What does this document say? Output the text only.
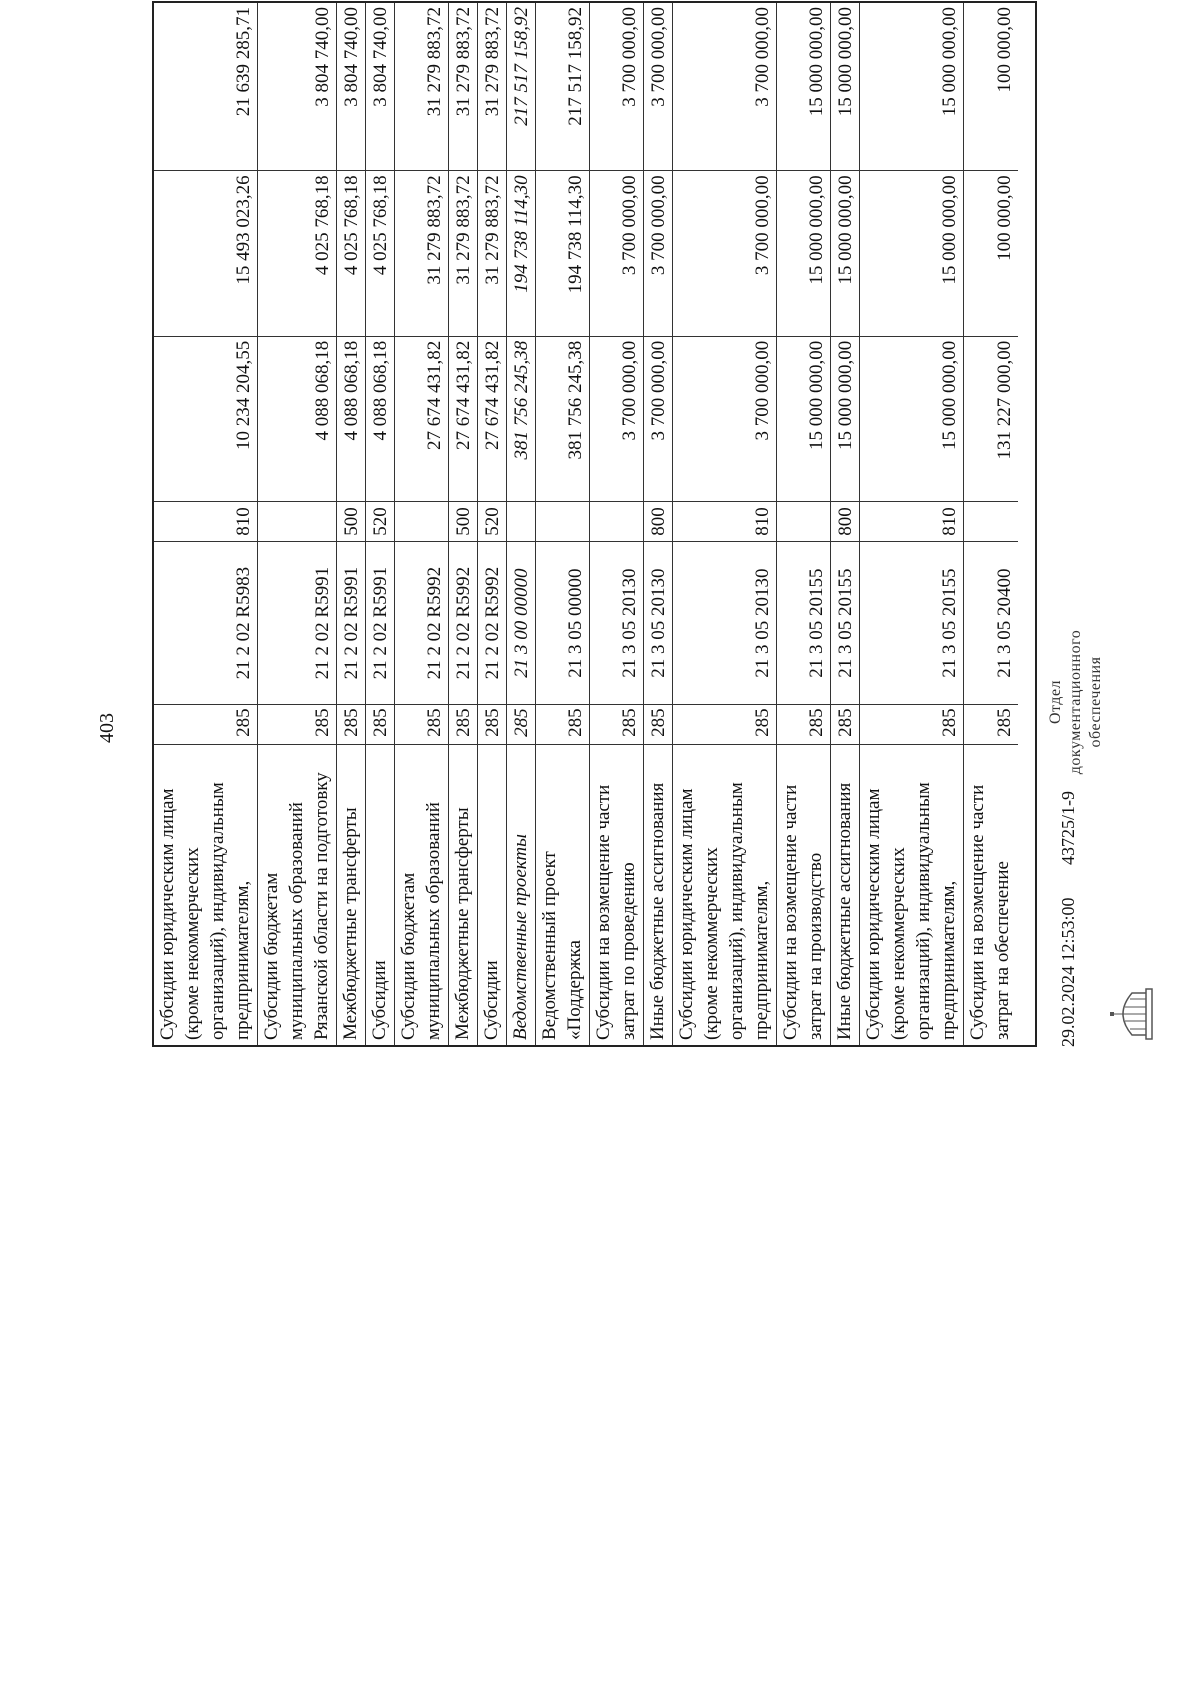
403
Субсидии юридическим лицам (кроме некоммерческих организаций), индивидуальным предпринимателям,
285
21 2 02 R5983
810
10 234 204,55
15 493 023,26
21 639 285,71
Субсидии бюджетам муниципальных образований Рязанской области на подготовку
285
21 2 02 R5991
4 088 068,18
4 025 768,18
3 804 740,00
Межбюджетные трансферты
285
21 2 02 R5991
500
4 088 068,18
4 025 768,18
3 804 740,00
Субсидии
285
21 2 02 R5991
520
4 088 068,18
4 025 768,18
3 804 740,00
Субсидии бюджетам муниципальных образований
285
21 2 02 R5992
27 674 431,82
31 279 883,72
31 279 883,72
Межбюджетные трансферты
285
21 2 02 R5992
500
27 674 431,82
31 279 883,72
31 279 883,72
Субсидии
285
21 2 02 R5992
520
27 674 431,82
31 279 883,72
31 279 883,72
Ведомственные проекты
285
21 3 00 00000
381 756 245,38
194 738 114,30
217 517 158,92
Ведомственный проект «Поддержка
285
21 3 05 00000
381 756 245,38
194 738 114,30
217 517 158,92
Субсидии на возмещение части затрат по проведению
285
21 3 05 20130
3 700 000,00
3 700 000,00
3 700 000,00
Иные бюджетные ассигнования
285
21 3 05 20130
800
3 700 000,00
3 700 000,00
3 700 000,00
Субсидии юридическим лицам (кроме некоммерческих организаций), индивидуальным предпринимателям,
285
21 3 05 20130
810
3 700 000,00
3 700 000,00
3 700 000,00
Субсидии на возмещение части затрат на производство
285
21 3 05 20155
15 000 000,00
15 000 000,00
15 000 000,00
Иные бюджетные ассигнования
285
21 3 05 20155
800
15 000 000,00
15 000 000,00
15 000 000,00
Субсидии юридическим лицам (кроме некоммерческих организаций), индивидуальным предпринимателям,
285
21 3 05 20155
810
15 000 000,00
15 000 000,00
15 000 000,00
Субсидии на возмещение части затрат на обеспечение
285
21 3 05 20400
131 227 000,00
100 000,00
100 000,00
29.02.2024 12:53:00
43725/1-9
Отдел документационного обеспечения
